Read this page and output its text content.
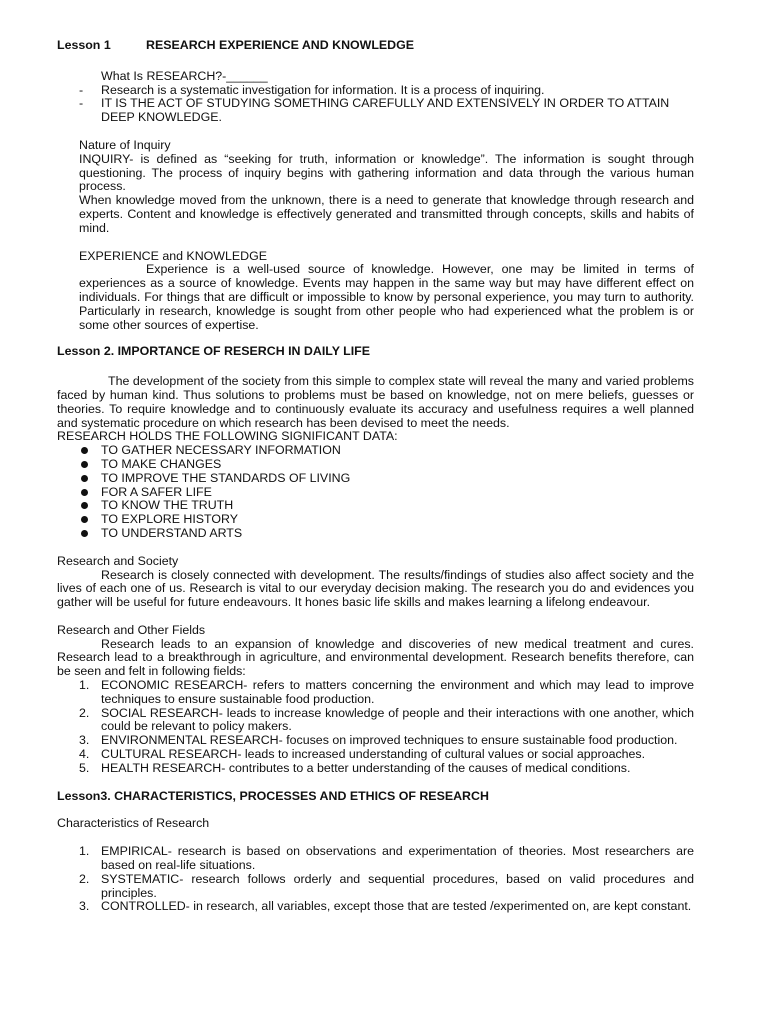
Lesson 1	RESEARCH EXPERIENCE AND KNOWLEDGE

What Is RESEARCH?-______

- Research is a systematic investigation for information. It is a process of inquiring.
- IT IS THE ACT OF STUDYING SOMETHING CAREFULLY AND EXTENSIVELY IN ORDER TO ATTAIN DEEP KNOWLEDGE.

Nature of Inquiry

INQUIRY- is defined as “seeking for truth, information or knowledge”. The information is sought through questioning. The process of inquiry begins with gathering information and data through the various human process.

When knowledge moved from the unknown, there is a need to generate that knowledge through research and experts. Content and knowledge is effectively generated and transmitted through concepts, skills and habits of mind.

EXPERIENCE and KNOWLEDGE

Experience is a well-used source of knowledge. However, one may be limited in terms of experiences as a source of knowledge. Events may happen in the same way but may have different effect on individuals. For things that are difficult or impossible to know by personal experience, you may turn to authority. Particularly in research, knowledge is sought from other people who had experienced what the problem is or some other sources of expertise.

Lesson 2. IMPORTANCE OF RESERCH IN DAILY LIFE

The development of the society from this simple to complex state will reveal the many and varied problems faced by human kind. Thus solutions to problems must be based on knowledge, not on mere beliefs, guesses or theories. To require knowledge and to continuously evaluate its accuracy and usefulness requires a well planned and systematic procedure on which research has been devised to meet the needs.

RESEARCH HOLDS THE FOLLOWING SIGNIFICANT DATA:

TO GATHER NECESSARY INFORMATION
TO MAKE CHANGES
TO IMPROVE THE STANDARDS OF LIVING
FOR A SAFER LIFE
TO KNOW THE TRUTH
TO EXPLORE HISTORY
TO UNDERSTAND ARTS

Research and Society

Research is closely connected with development. The results/findings of studies also affect society and the lives of each one of us. Research is vital to our everyday decision making. The research you do and evidences you gather will be useful for future endeavours. It hones basic life skills and makes learning a lifelong endeavour.

Research and Other Fields

Research leads to an expansion of knowledge and discoveries of new medical treatment and cures. Research lead to a breakthrough in agriculture, and environmental development. Research benefits therefore, can be seen and felt in following fields:

1. ECONOMIC RESEARCH- refers to matters concerning the environment and which may lead to improve techniques to ensure sustainable food production.
2. SOCIAL RESEARCH- leads to increase knowledge of people and their interactions with one another, which could be relevant to policy makers.
3. ENVIRONMENTAL RESEARCH- focuses on improved techniques to ensure sustainable food production.
4. CULTURAL RESEARCH- leads to increased understanding of cultural values or social approaches.
5. HEALTH RESEARCH- contributes to a better understanding of the causes of medical conditions.
Lesson3. CHARACTERISTICS, PROCESSES AND ETHICS OF RESEARCH

Characteristics of Research

1. EMPIRICAL- research is based on observations and experimentation of theories. Most researchers are based on real-life situations.
2. SYSTEMATIC- research follows orderly and sequential procedures, based on valid procedures and principles.
3. CONTROLLED- in research, all variables, except those that are tested /experimented on, are kept constant.
